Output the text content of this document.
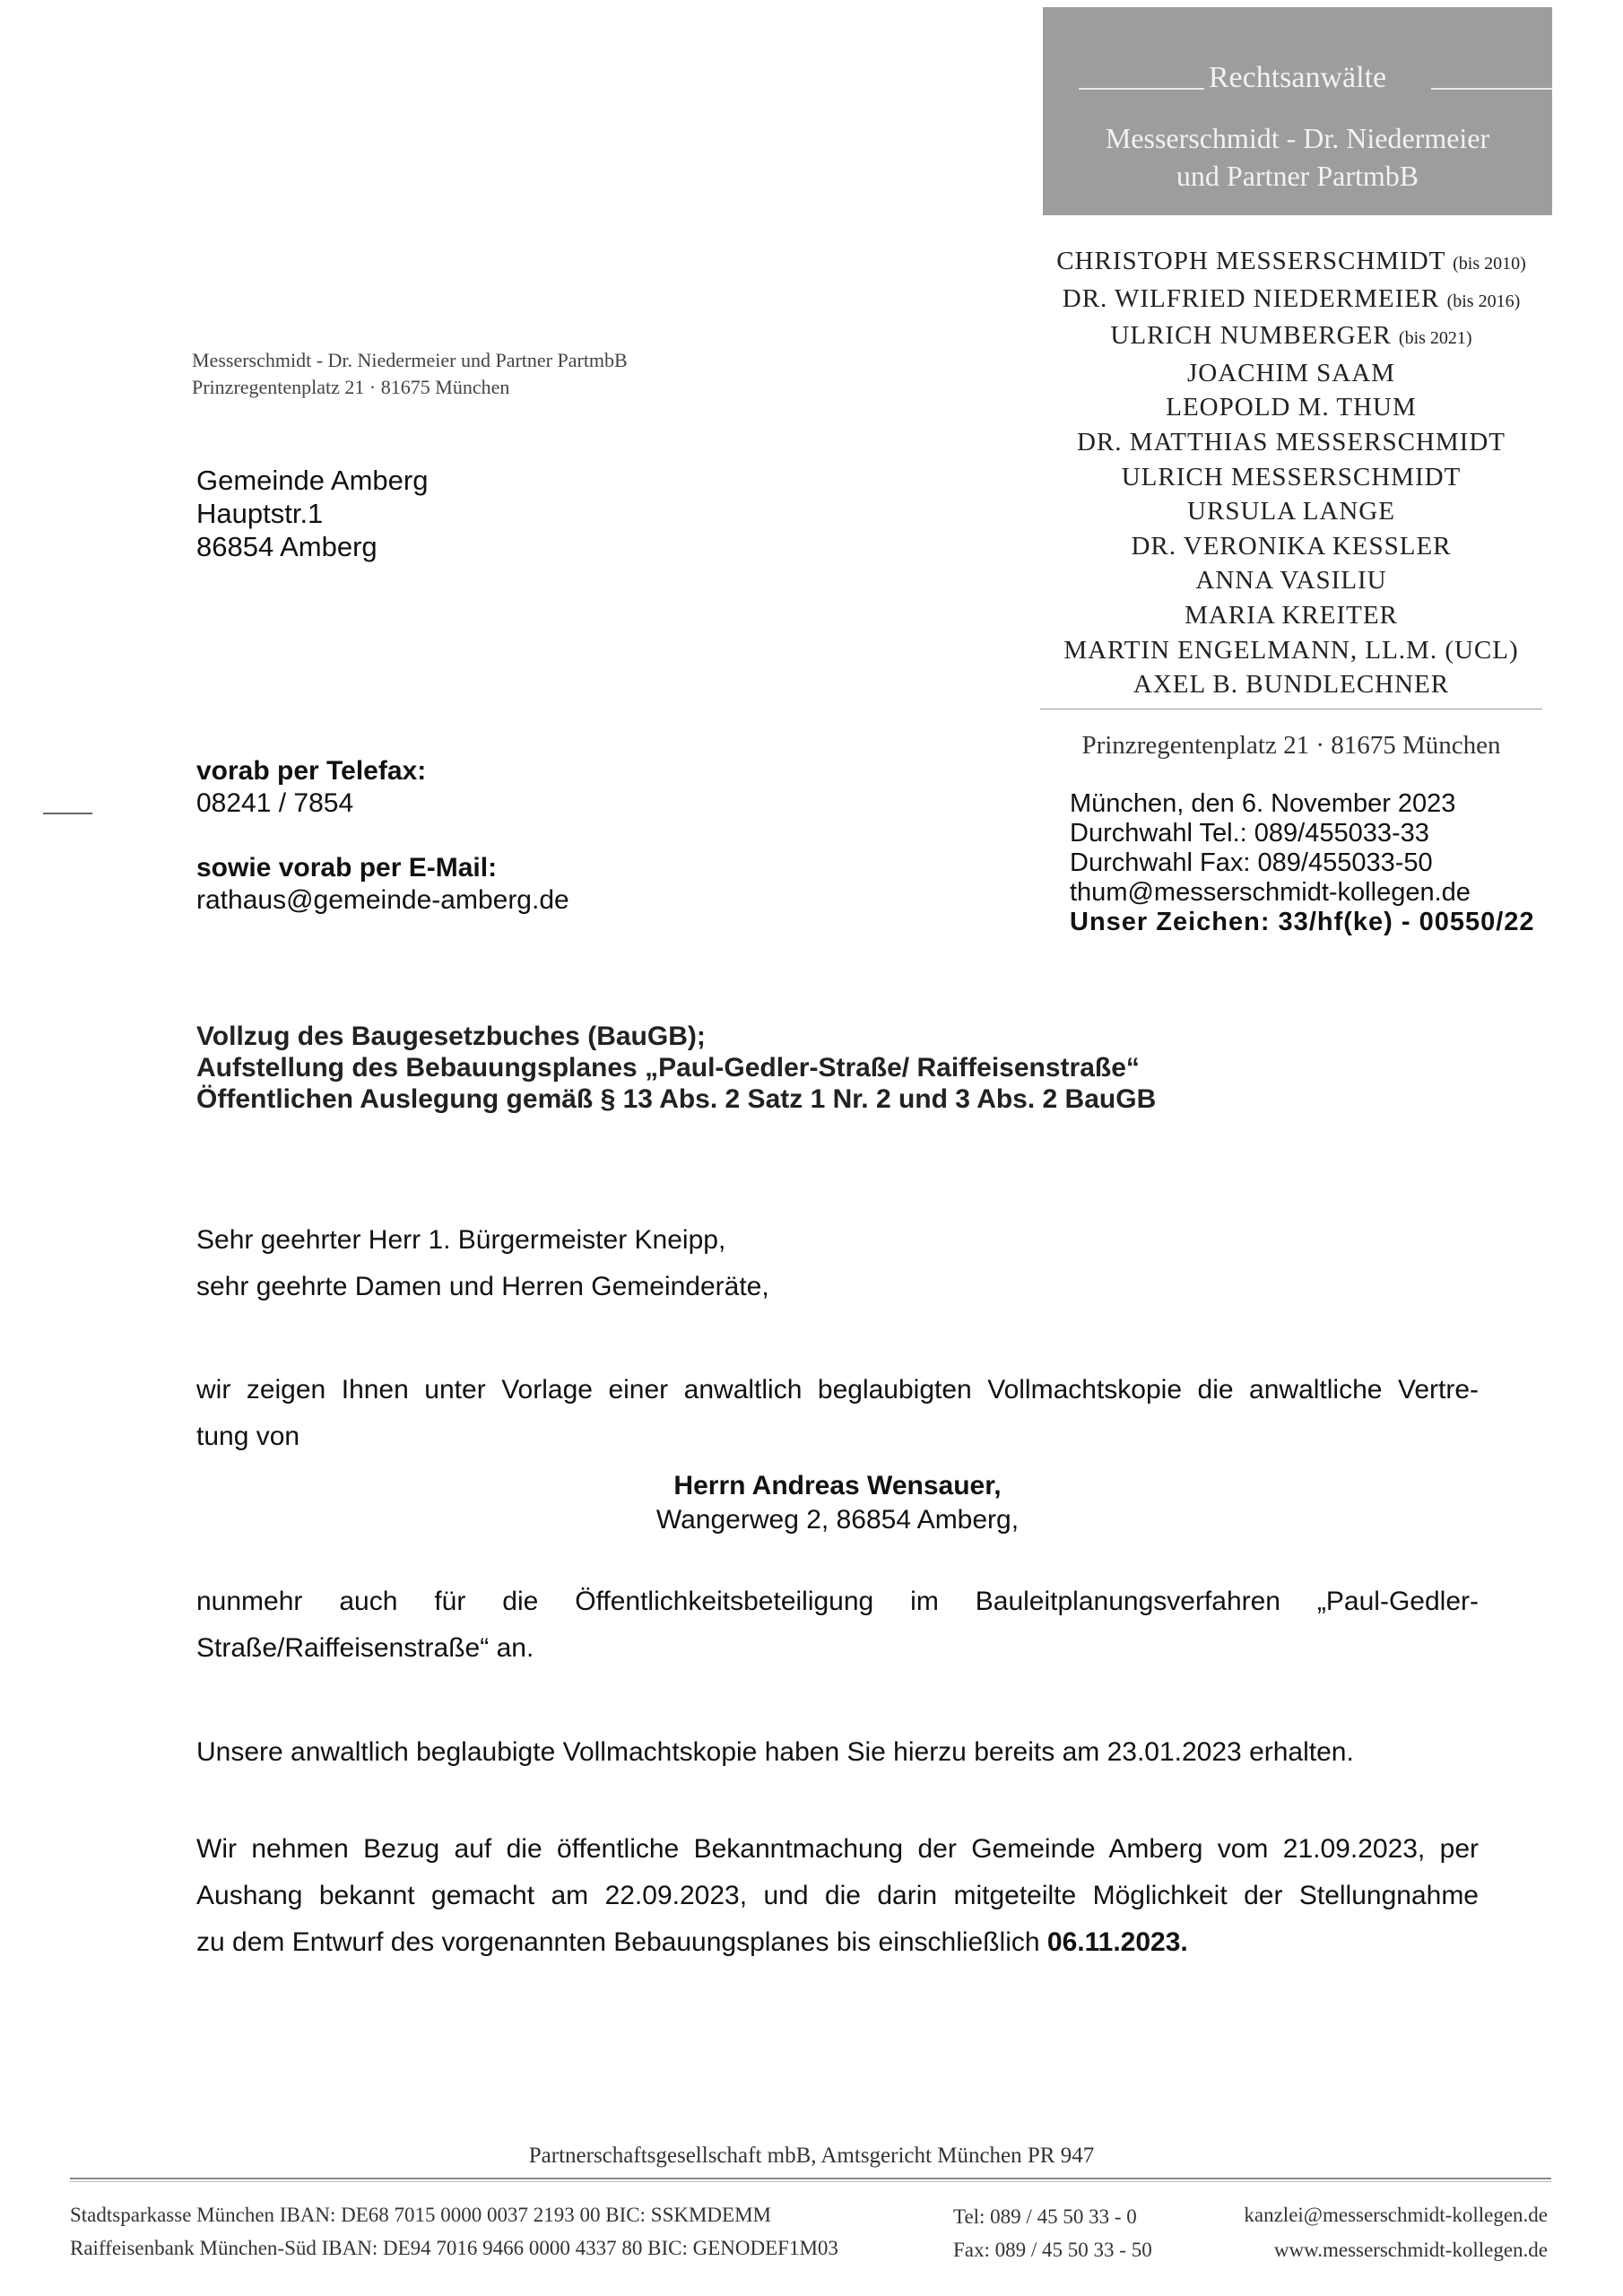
Rechtsanwälte
Messerschmidt - Dr. Niedermeier
und Partner PartmbB
CHRISTOPH MESSERSCHMIDT (bis 2010)
DR. WILFRIED NIEDERMEIER (bis 2016)
ULRICH NUMBERGER (bis 2021)
JOACHIM SAAM
LEOPOLD M. THUM
DR. MATTHIAS MESSERSCHMIDT
ULRICH MESSERSCHMIDT
URSULA LANGE
DR. VERONIKA KESSLER
ANNA VASILIU
MARIA KREITER
MARTIN ENGELMANN, LL.M. (UCL)
AXEL B. BUNDLECHNER
Prinzregentenplatz 21 · 81675 München
Messerschmidt - Dr. Niedermeier und Partner PartmbB
Prinzregentenplatz 21 · 81675 München
Gemeinde Amberg
Hauptstr.1
86854 Amberg
vorab per Telefax:
08241 / 7854
sowie vorab per E-Mail:
rathaus@gemeinde-amberg.de
München, den 6. November 2023
Durchwahl Tel.: 089/455033-33
Durchwahl Fax: 089/455033-50
thum@messerschmidt-kollegen.de
Unser Zeichen: 33/hf(ke) - 00550/22
Vollzug des Baugesetzbuches (BauGB);
Aufstellung des Bebauungsplanes „Paul-Gedler-Straße/ Raiffeisenstraße“
Öffentlichen Auslegung gemäß § 13 Abs. 2 Satz 1 Nr. 2 und 3 Abs. 2 BauGB
Sehr geehrter Herr 1. Bürgermeister Kneipp,
sehr geehrte Damen und Herren Gemeinderäte,
wir zeigen Ihnen unter Vorlage einer anwaltlich beglaubigten Vollmachtskopie die anwaltliche Vertre-
tung von
Herrn Andreas Wensauer,
Wangerweg 2, 86854 Amberg,
nunmehr auch für die Öffentlichkeitsbeteiligung im Bauleitplanungsverfahren „Paul-Gedler-
Straße/Raiffeisenstraße“ an.
Unsere anwaltlich beglaubigte Vollmachtskopie haben Sie hierzu bereits am 23.01.2023 erhalten.
Wir nehmen Bezug auf die öffentliche Bekanntmachung der Gemeinde Amberg vom 21.09.2023, per
Aushang bekannt gemacht am 22.09.2023, und die darin mitgeteilte Möglichkeit der Stellungnahme
zu dem Entwurf des vorgenannten Bebauungsplanes bis einschließlich 06.11.2023.
Partnerschaftsgesellschaft mbB, Amtsgericht München PR 947
Stadtsparkasse München IBAN: DE68 7015 0000 0037 2193 00 BIC: SSKMDEMM
Raiffeisenbank München-Süd IBAN: DE94 7016 9466 0000 4337 80 BIC: GENODEF1M03
Tel: 089 / 45 50 33 - 0
Fax: 089 / 45 50 33 - 50
kanzlei@messerschmidt-kollegen.de
www.messerschmidt-kollegen.de
